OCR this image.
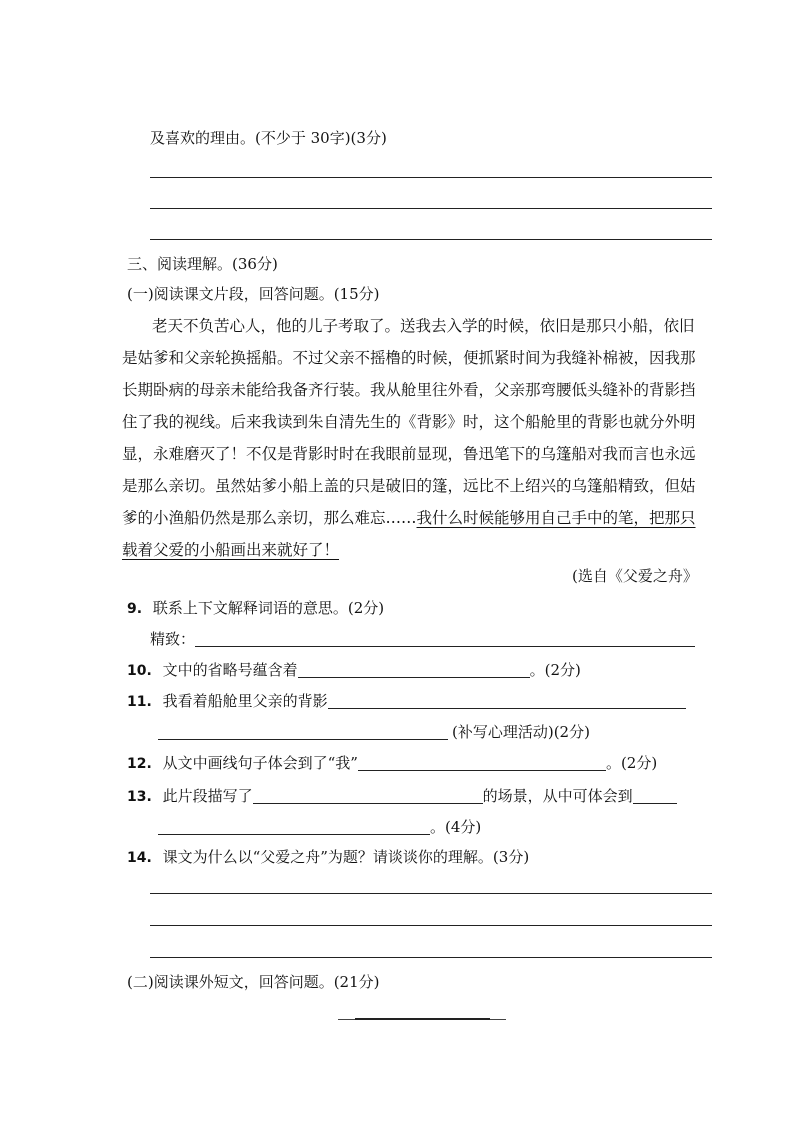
及喜欢的理由。(不少于 30字)(3分)
三、阅读理解。(36分)
(一)阅读课文片段，回答问题。(15分)
老天不负苦心人，他的儿子考取了。送我去入学的时候，依旧是那只小船，依旧
是姑爹和父亲轮换摇船。不过父亲不摇橹的时候，便抓紧时间为我缝补棉被，因我那
长期卧病的母亲未能给我备齐行装。我从舱里往外看，父亲那弯腰低头缝补的背影挡
住了我的视线。后来我读到朱自清先生的《背影》时，这个船舱里的背影也就分外明
显，永难磨灭了！不仅是背影时时在我眼前显现，鲁迅笔下的乌篷船对我而言也永远
是那么亲切。虽然姑爹小船上盖的只是破旧的篷，远比不上绍兴的乌篷船精致，但姑
爹的小渔船仍然是那么亲切，那么难忘……我什么时候能够用自己手中的笔，把那只
载着父爱的小船画出来就好了！
(选自《父爱之舟》
9. 联系上下文解释词语的意思。(2分)
精致：
10. 文中的省略号蕴含着	。(2分)
11. 我看着船舱里父亲的背影
(补写心理活动)(2分)
12. 从文中画线句子体会到了“我”	。(2分)
13. 此片段描写了	的场景，从中可体会到
。(4分)
14. 课文为什么以“父爱之舟”为题？请谈谈你的理解。(3分)
(二)阅读课外短文，回答问题。(21分)
